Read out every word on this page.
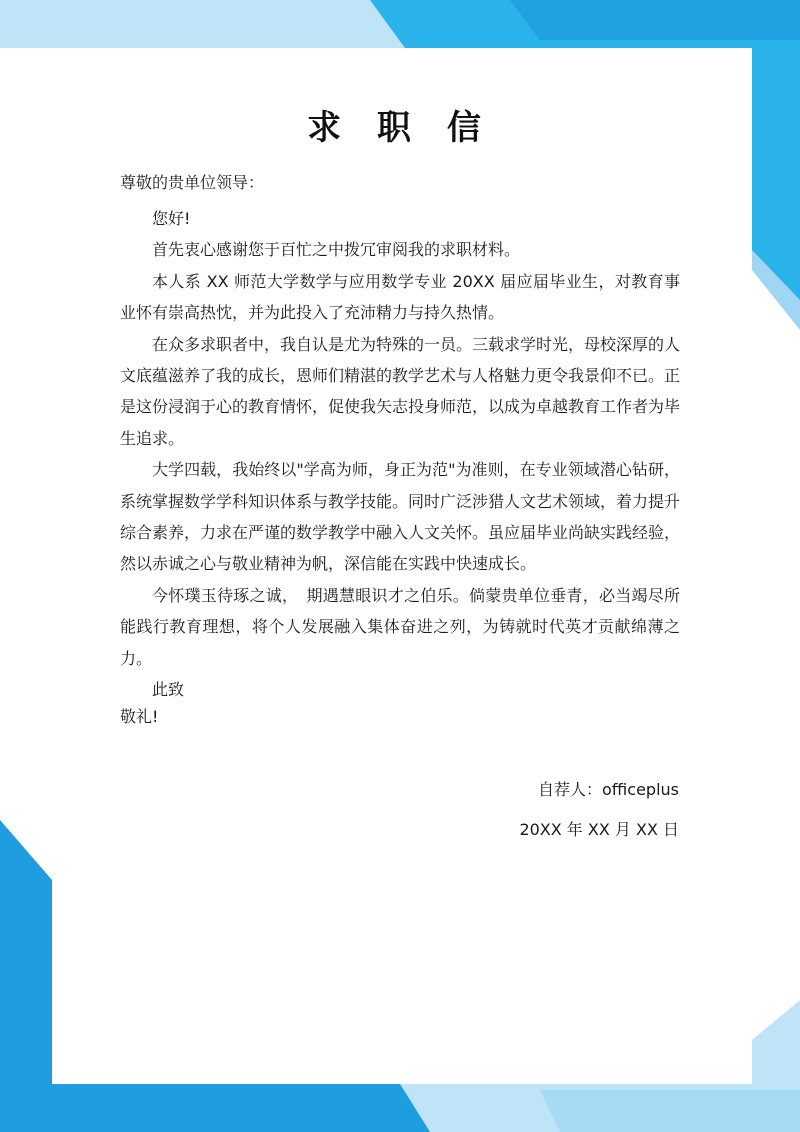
求 职 信
尊敬的贵单位领导：

您好!

首先衷心感谢您于百忙之中拨冗审阅我的求职材料。

本人系 XX 师范大学数学与应用数学专业 20XX 届应届毕业生，对教育事业怀有崇高热忱，并为此投入了充沛精力与持久热情。

在众多求职者中，我自认是尤为特殊的一员。三载求学时光，母校深厚的人文底蕴滋养了我的成长，恩师们精湛的教学艺术与人格魅力更令我景仰不已。正是这份浸润于心的教育情怀，促使我矢志投身师范，以成为卓越教育工作者为毕生追求。

大学四载，我始终以"学高为师，身正为范"为准则，在专业领域潜心钻研，系统掌握数学学科知识体系与教学技能。同时广泛涉猎人文艺术领域，着力提升综合素养，力求在严谨的数学教学中融入人文关怀。虽应届毕业尚缺实践经验，然以赤诚之心与敬业精神为帆，深信能在实践中快速成长。

今怀璞玉待琢之诚，　期遇慧眼识才之伯乐。倘蒙贵单位垂青，必当竭尽所能践行教育理想，将个人发展融入集体奋进之列，为铸就时代英才贡献绵薄之力。

此致

敬礼!
自荐人：officeplus
20XX 年 XX 月 XX 日
